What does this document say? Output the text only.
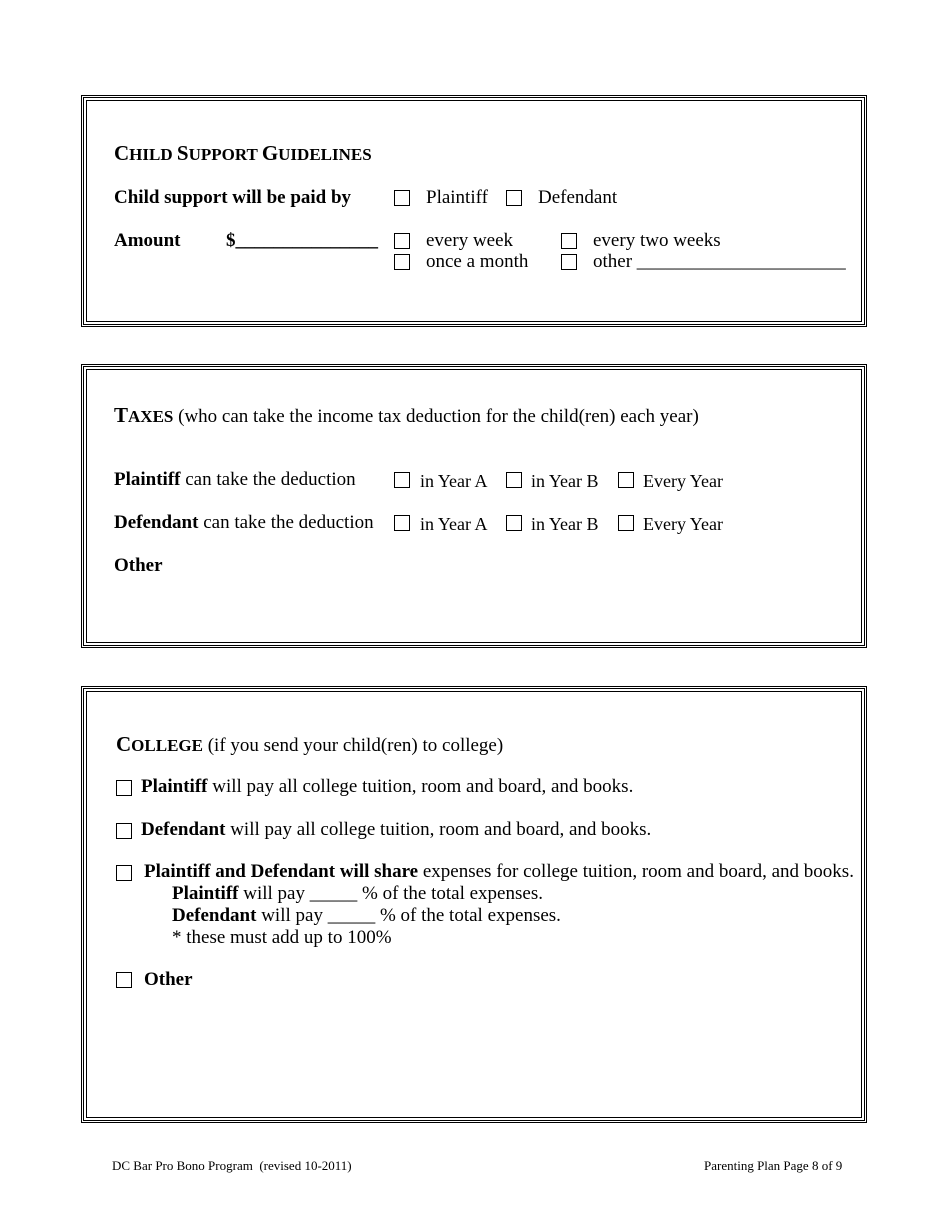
CHILD SUPPORT GUIDELINES
Child support will be paid by	Plaintiff	Defendant
Amount $_______________	every week	every two weeks
once a month	other ______________________
TAXES (who can take the income tax deduction for the child(ren) each year)
Plaintiff can take the deduction	in Year A in Year B Every Year
Defendant can take the deduction	in Year A in Year B Every Year
Other
COLLEGE (if you send your child(ren) to college)
Plaintiff will pay all college tuition, room and board, and books.
Defendant will pay all college tuition, room and board, and books.
Plaintiff and Defendant will share expenses for college tuition, room and board, and books.
Plaintiff will pay _____ % of the total expenses.
Defendant will pay _____ % of the total expenses.
* these must add up to 100%
Other
DC Bar Pro Bono Program  (revised 10-2011)	Parenting Plan Page 8 of 9
